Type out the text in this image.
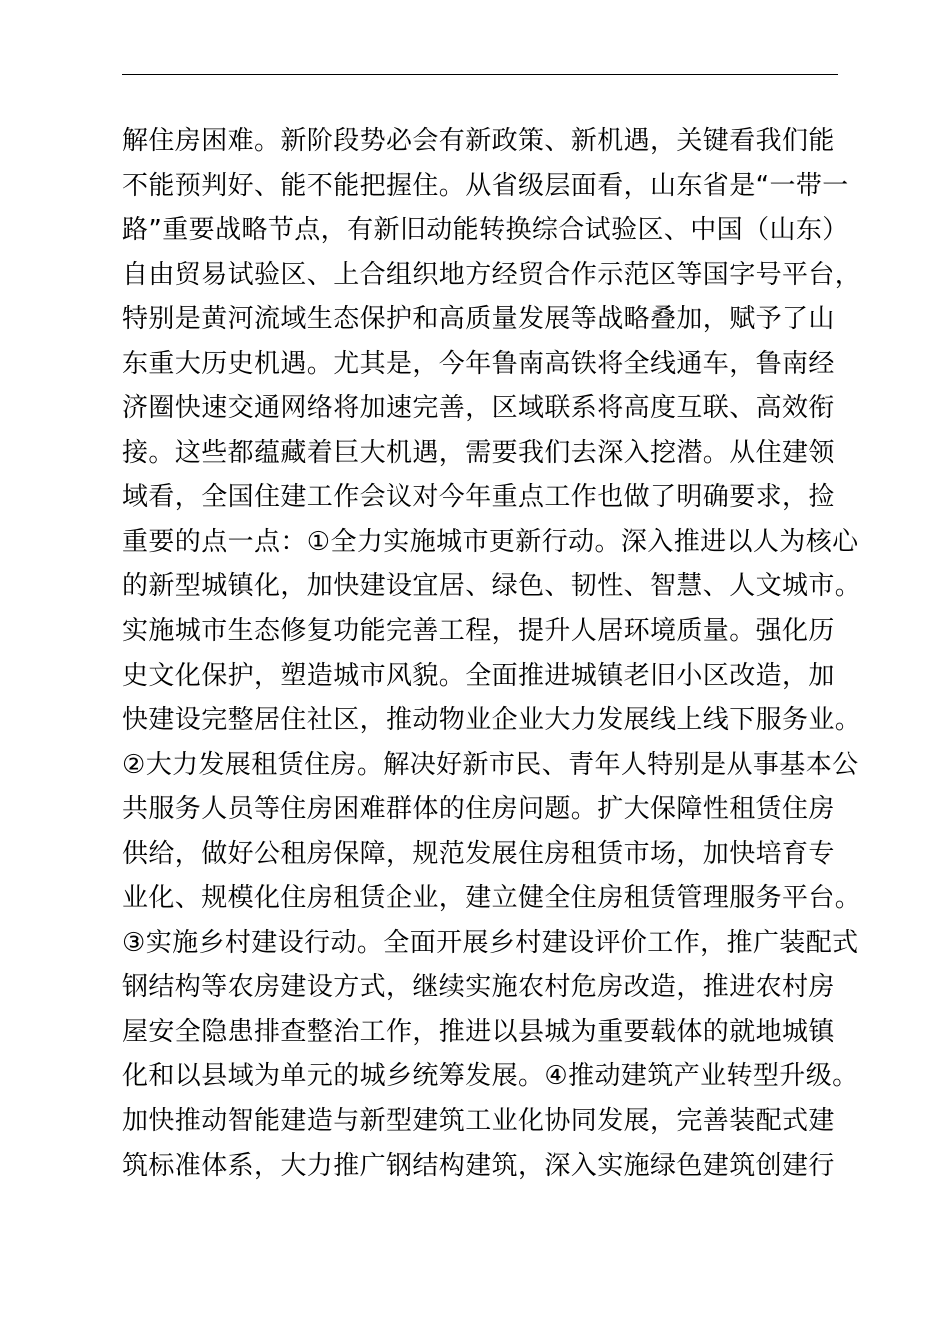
解住房困难。新阶段势必会有新政策、新机遇，关键看我们能
不能预判好、能不能把握住。从省级层面看，山东省是“一带一
路”重要战略节点，有新旧动能转换综合试验区、中国（山东）
自由贸易试验区、上合组织地方经贸合作示范区等国字号平台，
特别是黄河流域生态保护和高质量发展等战略叠加，赋予了山
东重大历史机遇。尤其是，今年鲁南高铁将全线通车，鲁南经
济圈快速交通网络将加速完善，区域联系将高度互联、高效衔
接。这些都蕴藏着巨大机遇，需要我们去深入挖潜。从住建领
域看，全国住建工作会议对今年重点工作也做了明确要求，捡
重要的点一点：①全力实施城市更新行动。深入推进以人为核心
的新型城镇化，加快建设宜居、绿色、韧性、智慧、人文城市。
实施城市生态修复功能完善工程，提升人居环境质量。强化历
史文化保护，塑造城市风貌。全面推进城镇老旧小区改造，加
快建设完整居住社区，推动物业企业大力发展线上线下服务业。
②大力发展租赁住房。解决好新市民、青年人特别是从事基本公
共服务人员等住房困难群体的住房问题。扩大保障性租赁住房
供给，做好公租房保障，规范发展住房租赁市场，加快培育专
业化、规模化住房租赁企业，建立健全住房租赁管理服务平台。
③实施乡村建设行动。全面开展乡村建设评价工作，推广装配式
钢结构等农房建设方式，继续实施农村危房改造，推进农村房
屋安全隐患排查整治工作，推进以县城为重要载体的就地城镇
化和以县域为单元的城乡统筹发展。④推动建筑产业转型升级。
加快推动智能建造与新型建筑工业化协同发展，完善装配式建
筑标准体系，大力推广钢结构建筑，深入实施绿色建筑创建行
